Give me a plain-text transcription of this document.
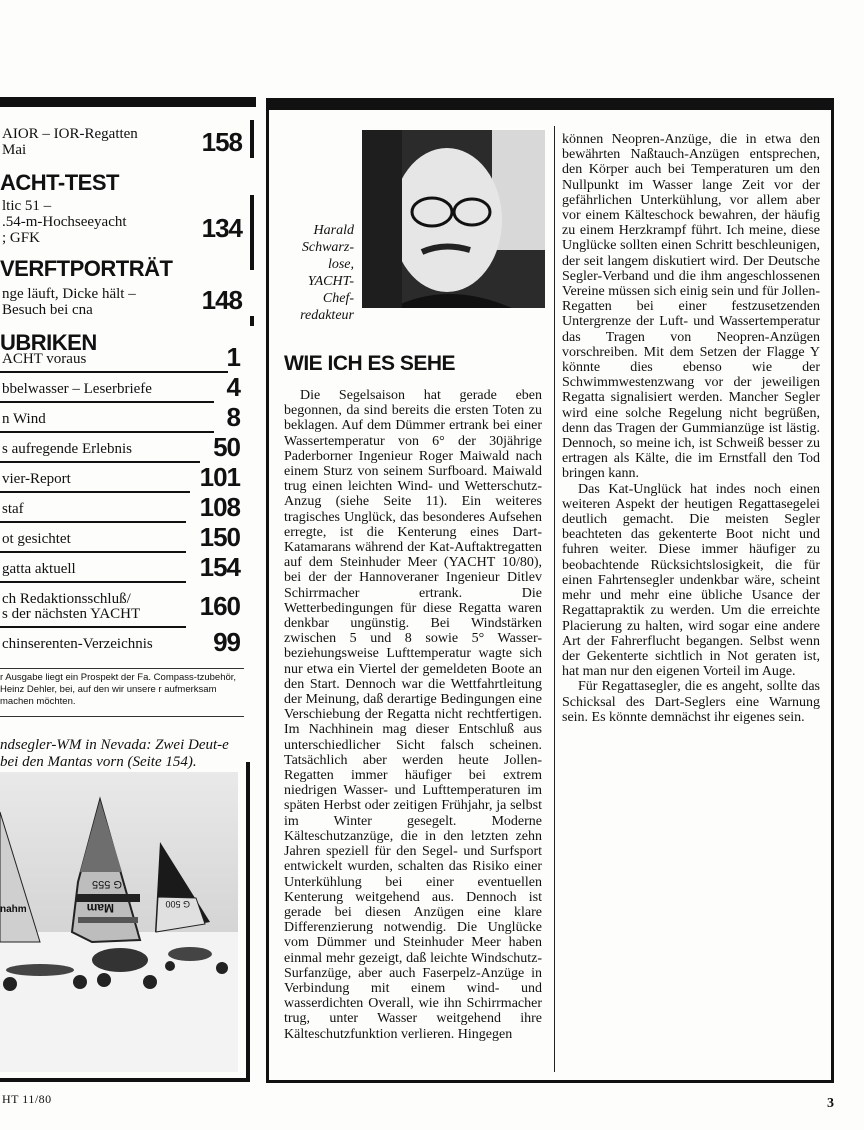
AIOR – IOR-Regatten
Mai	158
ACHT-TEST
ltic 51 –
.54-m-Hochseeyacht
; GFK	134
VERFTPORTRÄT
nge läuft, Dicke hält –
Besuch bei cna	148
UBRIKEN
ACHT voraus	1
bbelwasser – Leserbriefe	4
n Wind	8
s aufregende Erlebnis	50
vier-Report	101
staf	108
ot gesichtet	150
gatta aktuell	154
ch Redaktionsschluß/
s der nächsten YACHT 160
chinserenten-Verzeichnis 99
r Ausgabe liegt ein Prospekt der Fa. Compass-tzubehör, Heinz Dehler, bei, auf den wir unsere r aufmerksam machen möchten.
ndsegler-WM in Nevada: Zwei Deut-e bei den Mantas vorn (Seite 154).
G 555
Mam	G 500
nahm
HT 11/80	3
Harald
Schwarz-
lose,
YACHT-
Chef-
redakteur
WIE ICH ES SEHE

Die Segelsaison hat gerade eben begonnen, da sind bereits die ersten Toten zu beklagen. Auf dem Dümmer ertrank bei einer Wassertemperatur von 6° der 30jährige Paderborner Ingenieur Roger Maiwald nach einem Sturz von seinem Surfboard. Maiwald trug einen leichten Wind- und Wetterschutz-Anzug (siehe Seite 11). Ein weiteres tragisches Unglück, das besonderes Aufsehen erregte, ist die Kenterung eines Dart-Katamarans während der Kat-Auftaktregatten auf dem Steinhuder Meer (YACHT 10/80), bei der der Hannoveraner Ingenieur Ditlev Schirrmacher ertrank. Die Wetterbedingungen für diese Regatta waren denkbar ungünstig. Bei Windstärken zwischen 5 und 8 sowie 5° Wasser- beziehungsweise Lufttemperatur wagte sich nur etwa ein Viertel der gemeldeten Boote an den Start. Dennoch war die Wettfahrtleitung der Meinung, daß derartige Bedingungen eine Verschiebung der Regatta nicht rechtfertigen. Im Nachhinein mag dieser Entschluß aus unterschiedlicher Sicht falsch scheinen. Tatsächlich aber werden heute Jollen-Regatten immer häufiger bei extrem niedrigen Wasser- und Lufttemperaturen im späten Herbst oder zeitigen Frühjahr, ja selbst im Winter gesegelt. Moderne Kälteschutzanzüge, die in den letzten zehn Jahren speziell für den Segel- und Surfsport entwickelt wurden, schalten das Risiko einer Unterkühlung bei einer eventuellen Kenterung weitgehend aus. Dennoch ist gerade bei diesen Anzügen eine klare Differenzierung notwendig. Die Unglücke vom Dümmer und Steinhuder Meer haben einmal mehr gezeigt, daß leichte Windschutz-Surfanzüge, aber auch Faserpelz-Anzüge in Verbindung mit einem wind- und wasserdichten Overall, wie ihn Schirrmacher trug, unter Wasser weitgehend ihre Kälteschutzfunktion verlieren. Hingegen

können Neopren-Anzüge, die in etwa den bewährten Naßtauch-Anzügen entsprechen, den Körper auch bei Temperaturen um den Nullpunkt im Wasser lange Zeit vor der gefährlichen Unterkühlung, vor allem aber vor einem Kälteschock bewahren, der häufig zu einem Herzkrampf führt. Ich meine, diese Unglücke sollten einen Schritt beschleunigen, der seit langem diskutiert wird. Der Deutsche Segler-Verband und die ihm angeschlossenen Vereine müssen sich einig sein und für Jollen-Regatten bei einer festzusetzenden Untergrenze der Luft- und Wassertemperatur das Tragen von Neopren-Anzügen vorschreiben. Mit dem Setzen der Flagge Y könnte dies ebenso wie der Schwimmwestenzwang vor der jeweiligen Regatta signalisiert werden. Mancher Segler wird eine solche Regelung nicht begrüßen, denn das Tragen der Gummianzüge ist lästig. Dennoch, so meine ich, ist Schweiß besser zu ertragen als Kälte, die im Ernstfall den Tod bringen kann.

Das Kat-Unglück hat indes noch einen weiteren Aspekt der heutigen Regattasegelei deutlich gemacht. Die meisten Segler beachteten das gekenterte Boot nicht und fuhren weiter. Diese immer häufiger zu beobachtende Rücksichtslosigkeit, die für einen Fahrtensegler undenkbar wäre, scheint mehr und mehr eine übliche Usance der Regattapraktik zu werden. Um die erreichte Placierung zu halten, wird sogar eine andere Art der Fahrerflucht begangen. Selbst wenn der Gekenterte sichtlich in Not geraten ist, hat man nur den eigenen Vorteil im Auge.

Für Regattasegler, die es angeht, sollte das Schicksal des Dart-Seglers eine Warnung sein. Es könnte demnächst ihr eigenes sein.
